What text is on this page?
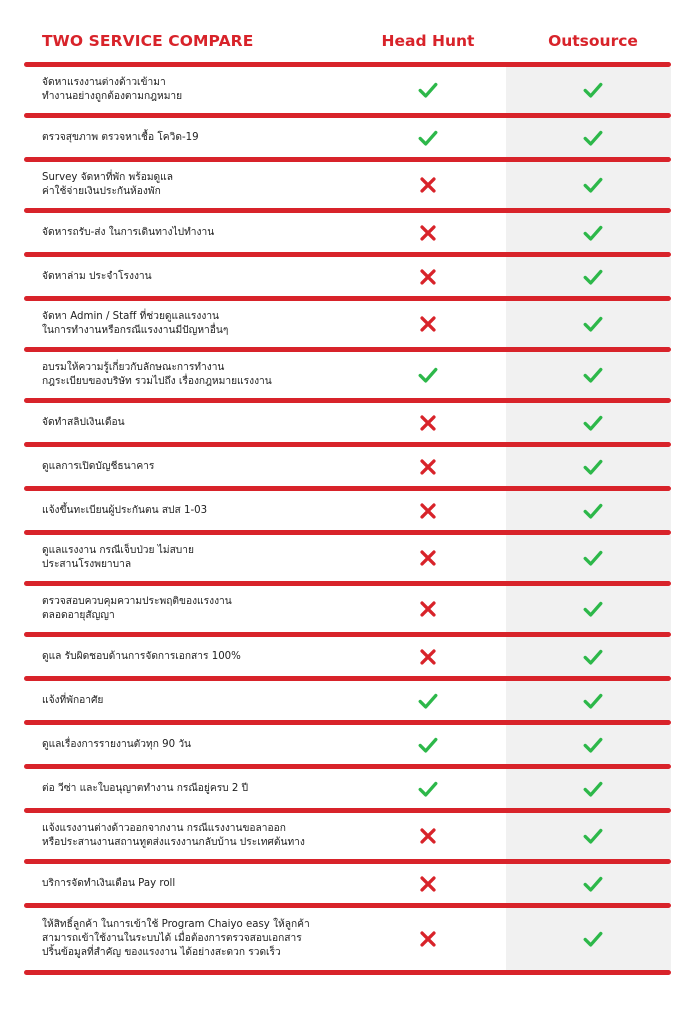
TWO SERVICE COMPARE	Head Hunt	Outsource
จัดหาแรงงานต่างด้าวเข้ามา
ทำงานอย่างถูกต้องตามกฎหมาย
ตรวจสุขภาพ ตรวจหาเชื้อ โควิด-19
Survey จัดหาที่พัก พร้อมดูแล
ค่าใช้จ่ายเงินประกันห้องพัก
จัดหารถรับ-ส่ง ในการเดินทางไปทำงาน
จัดหาล่าม ประจำโรงงาน
จัดหา Admin / Staff ที่ช่วยดูแลแรงงาน
ในการทำงานหรือกรณีแรงงานมีปัญหาอื่นๆ
อบรมให้ความรู้เกี่ยวกับลักษณะการทำงาน
กฎระเบียบของบริษัท รวมไปถึง เรื่องกฎหมายแรงงาน
จัดทำสลิปเงินเดือน
ดูแลการเปิดบัญชีธนาคาร
แจ้งขึ้นทะเบียนผู้ประกันตน สปส 1-03
ดูแลแรงงาน กรณีเจ็บป่วย ไม่สบาย
ประสานโรงพยาบาล
ตรวจสอบควบคุมความประพฤติของแรงงาน
ตลอดอายุสัญญา
ดูแล รับผิดชอบด้านการจัดการเอกสาร 100%
แจ้งที่พักอาศัย
ดูแลเรื่องการรายงานตัวทุก 90 วัน
ต่อ วีซ่า และใบอนุญาตทำงาน กรณีอยู่ครบ 2 ปี
แจ้งแรงงานต่างด้าวออกจากงาน กรณีแรงงานขอลาออก
หรือประสานงานสถานทูตส่งแรงงานกลับบ้าน ประเทศต้นทาง
บริการจัดทำเงินเดือน Pay roll
ให้สิทธิ์ลูกค้า ในการเข้าใช้ Program Chaiyo easy ให้ลูกค้า
สามารถเข้าใช้งานในระบบได้ เมื่อต้องการตรวจสอบเอกสาร
ปริ้นข้อมูลที่สำคัญ ของแรงงาน ได้อย่างสะดวก รวดเร็ว
